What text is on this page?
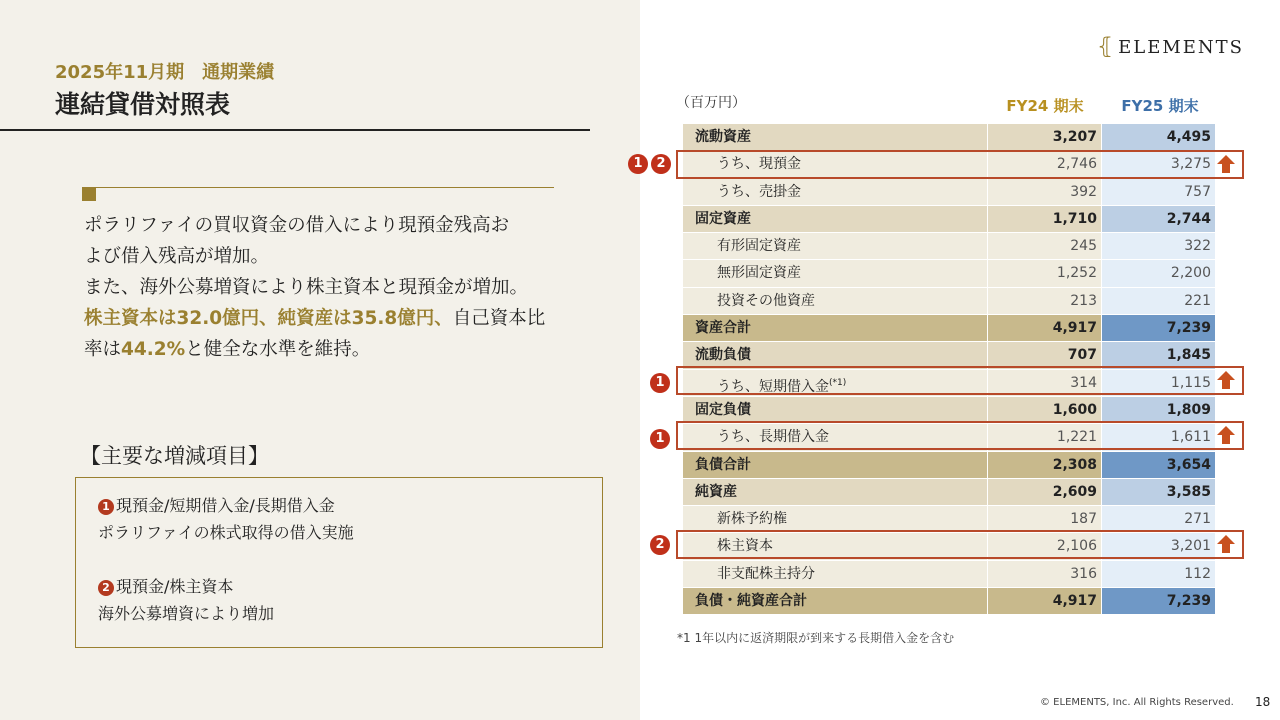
2025年11月期　通期業績
連結貸借対照表
ポラリファイの買収資金の借入により現預金残高お
よび借入残高が増加。
また、海外公募増資により株主資本と現預金が増加。
株主資本は32.0億円、純資産は35.8億円、自己資本比
率は44.2%と健全な水準を維持。
【主要な増減項目】
1 現預金/短期借入金/長期借入金
ポラリファイの株式取得の借入実施
2 現預金/株主資本
海外公募増資により増加
⦃ ELEMENTS
（百万円）	FY24 期末	FY25 期末
流動資産	3,207	4,495
うち、現預金	2,746	3,275
うち、売掛金	392	757
固定資産	1,710	2,744
有形固定資産	245	322
無形固定資産	1,252	2,200
投資その他資産	213	221
資産合計	4,917	7,239
流動負債	707	1,845
うち、短期借入金$^{(*1)}$	314	1,115
固定負債	1,600	1,809
うち、長期借入金	1,221	1,611
負債合計	2,308	3,654
純資産	2,609	3,585
新株予約権	187	271
株主資本	2,106	3,201
非支配株主持分	316	112
負債・純資産合計	4,917	7,239
1	2
1
1
2
*1 1年以内に返済期限が到来する長期借入金を含む
© ELEMENTS, Inc. All Rights Reserved. 18
